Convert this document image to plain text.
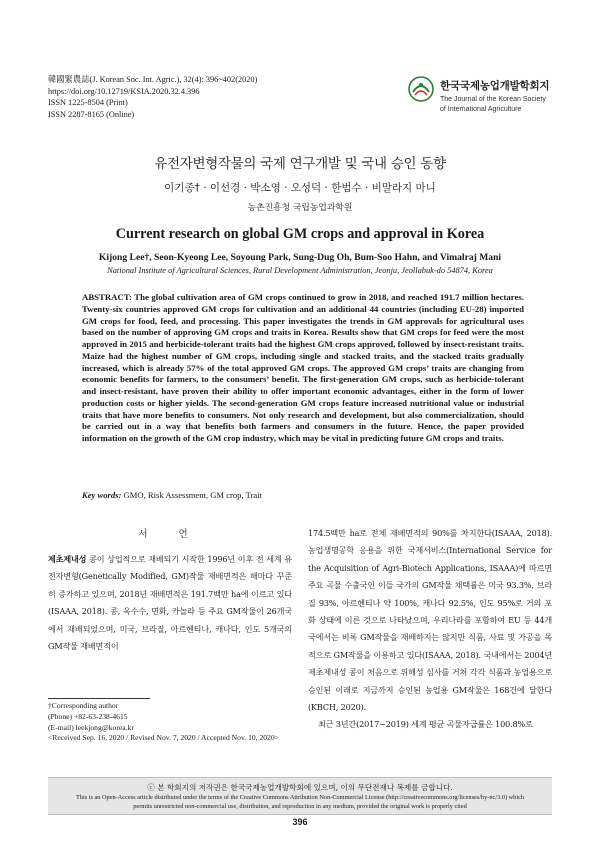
韓國緊農誌(J. Korean Soc. Int. Agric.), 32(4): 396~402(2020)
https://doi.org/10.12719/KSIA.2020.32.4.396
ISSN 1225-8504 (Print)
ISSN 2287-8165 (Online)
한국국제농업개발학회지
The Journal of the Korean Society
of International Agriculture
유전자변형작물의 국제 연구개발 및 국내 승인 동향
이기종† · 이선경 · 박소영 · 오성덕 · 한범수 · 비말라지 마니
농촌진흥청 국립농업과학원
Current research on global GM crops and approval in Korea
Kijong Lee†, Seon-Kyeong Lee, Soyoung Park, Sung-Dug Oh, Bum-Soo Hahn, and Vimalraj Mani
National Institute of Agricultural Sciences, Rural Development Administration, Jeonju, Jeollabuk-do 54874, Korea
ABSTRACT: The global cultivation area of GM crops continued to grow in 2018, and reached 191.7 million hectares. Twenty-six countries approved GM crops for cultivation and an additional 44 countries (including EU-28) imported GM crops for food, feed, and processing. This paper investigates the trends in GM approvals for agricultural uses based on the number of approving GM crops and traits in Korea. Results show that GM crops for feed were the most approved in 2015 and herbicide-tolerant traits had the highest GM crops approved, followed by insect-resistant traits. Maize had the highest number of GM crops, including single and stacked traits, and the stacked traits gradually increased, which is already 57% of the total approved GM crops. The approved GM crops’ traits are changing from economic benefits for farmers, to the consumers’ benefit. The first-generation GM crops, such as herbicide-tolerant and insect-resistant, have proven their ability to offer important economic advantages, either in the form of lower production costs or higher yields. The second-generation GM crops feature increased nutritional value or industrial traits that have more benefits to consumers. Not only research and development, but also commercialization, should be carried out in a way that benefits both farmers and consumers in the future. Hence, the paper provided information on the growth of the GM crop industry, which may be vital in predicting future GM crops and traits.
Key words: GMO, Risk Assessment, GM crop, Trait
서 언
제초제내성 콩이 상업적으로 재배되기 시작한 1996년 이후 전 세계 유전자변형(Genetically Modified, GM)작물 재배면적은 해마다 꾸준히 증가하고 있으며, 2018년 재배면적은 191.7백만 ha에 이르고 있다(ISAAA, 2018). 콩, 옥수수, 면화, 카놀라 등 주요 GM작물이 26개국에서 재배되었으며, 미국, 브라질, 아르헨티나, 캐나다, 인도 5개국의 GM작물 재배면적이
174.5백만 ha로 전체 재배면적의 90%를 차지한다(ISAAA, 2018). 농업생명공학 응용을 위한 국제서비스(International Service for the Acquisition of Agri-Biotech Applications, ISAAA)에 따르면 주요 곡물 수출국인 이들 국가의 GM작물 채택률은 미국 93.3%, 브라질 93%, 아르헨티나 약 100%, 캐나다 92.5%, 인도 95%로 거의 포화 상태에 이른 것으로 나타났으며, 우리나라를 포함하여 EU 등 44개국에서는 비록 GM작물을 재배하지는 않지만 식품, 사료 및 가공을 목적으로 GM작물을 이용하고 있다(ISAAA, 2018). 국내에서는 2004년 제초제내성 콩이 처음으로 위해성 심사를 거쳐 각각 식품과 농업용으로 승인된 이래로 지금까지 승인된 농업용 GM작물은 168건에 달한다(KBCH, 2020).
최근 3년간(2017~2019) 세계 평균 곡물자급률은 100.8%로
†Corresponding author
(Phone) +82-63-238-4615
(E-mail) leekjong@korea.kr
<Received Sep. 16, 2020 / Revised Nov. 7, 2020 / Accepted Nov. 10, 2020>
ⓒ 본 학회지의 저작권은 한국국제농업개발학회에 있으며, 이의 무단전재나 복제를 금합니다.
This is an Open-Access article distributed under the terms of the Creative Commons Attribution Non-Commercial License (http://creativecommons.org/licenses/by-nc/3.0) which
permits unrestricted non-commercial use, distribution, and reproduction in any medium, provided the original work is properly cited
396
